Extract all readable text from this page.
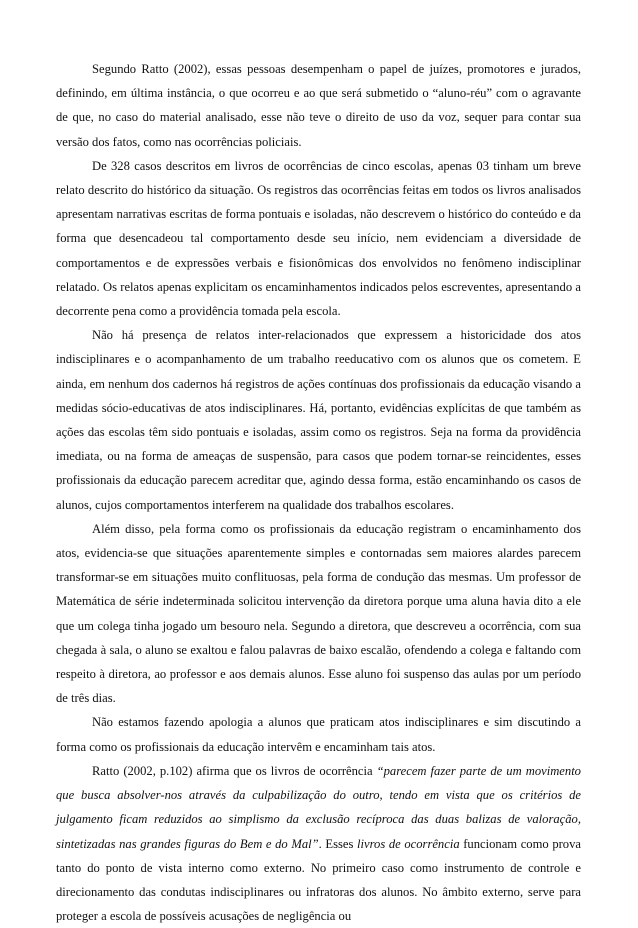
Segundo Ratto (2002), essas pessoas desempenham o papel de juízes, promotores e jurados, definindo, em última instância, o que ocorreu e ao que será submetido o “aluno-réu” com o agravante de que, no caso do material analisado, esse não teve o direito de uso da voz, sequer para contar sua versão dos fatos, como nas ocorrências policiais.

De 328 casos descritos em livros de ocorrências de cinco escolas, apenas 03 tinham um breve relato descrito do histórico da situação. Os registros das ocorrências feitas em todos os livros analisados apresentam narrativas escritas de forma pontuais e isoladas, não descrevem o histórico do conteúdo e da forma que desencadeou tal comportamento desde seu início, nem evidenciam a diversidade de comportamentos e de expressões verbais e fisionômicas dos envolvidos no fenômeno indisciplinar relatado. Os relatos apenas explicitam os encaminhamentos indicados pelos escreventes, apresentando a decorrente pena como a providência tomada pela escola.

Não há presença de relatos inter-relacionados que expressem a historicidade dos atos indisciplinares e o acompanhamento de um trabalho reeducativo com os alunos que os cometem. E ainda, em nenhum dos cadernos há registros de ações contínuas dos profissionais da educação visando a medidas sócio-educativas de atos indisciplinares. Há, portanto, evidências explícitas de que também as ações das escolas têm sido pontuais e isoladas, assim como os registros. Seja na forma da providência imediata, ou na forma de ameaças de suspensão, para casos que podem tornar-se reincidentes, esses profissionais da educação parecem acreditar que, agindo dessa forma, estão encaminhando os casos de alunos, cujos comportamentos interferem na qualidade dos trabalhos escolares.

Além disso, pela forma como os profissionais da educação registram o encaminhamento dos atos, evidencia-se que situações aparentemente simples e contornadas sem maiores alardes parecem transformar-se em situações muito conflituosas, pela forma de condução das mesmas. Um professor de Matemática de série indeterminada solicitou intervenção da diretora porque uma aluna havia dito a ele que um colega tinha jogado um besouro nela. Segundo a diretora, que descreveu a ocorrência, com sua chegada à sala, o aluno se exaltou e falou palavras de baixo escalão, ofendendo a colega e faltando com respeito à diretora, ao professor e aos demais alunos. Esse aluno foi suspenso das aulas por um período de três dias.

Não estamos fazendo apologia a alunos que praticam atos indisciplinares e sim discutindo a forma como os profissionais da educação intervêm e encaminham tais atos.

Ratto (2002, p.102) afirma que os livros de ocorrência “parecem fazer parte de um movimento que busca absolver-nos através da culpabilização do outro, tendo em vista que os critérios de julgamento ficam reduzidos ao simplismo da exclusão recíproca das duas balizas de valoração, sintetizadas nas grandes figuras do Bem e do Mal”. Esses livros de ocorrência funcionam como prova tanto do ponto de vista interno como externo. No primeiro caso como instrumento de controle e direcionamento das condutas indisciplinares ou infratoras dos alunos. No âmbito externo, serve para proteger a escola de possíveis acusações de negligência ou
